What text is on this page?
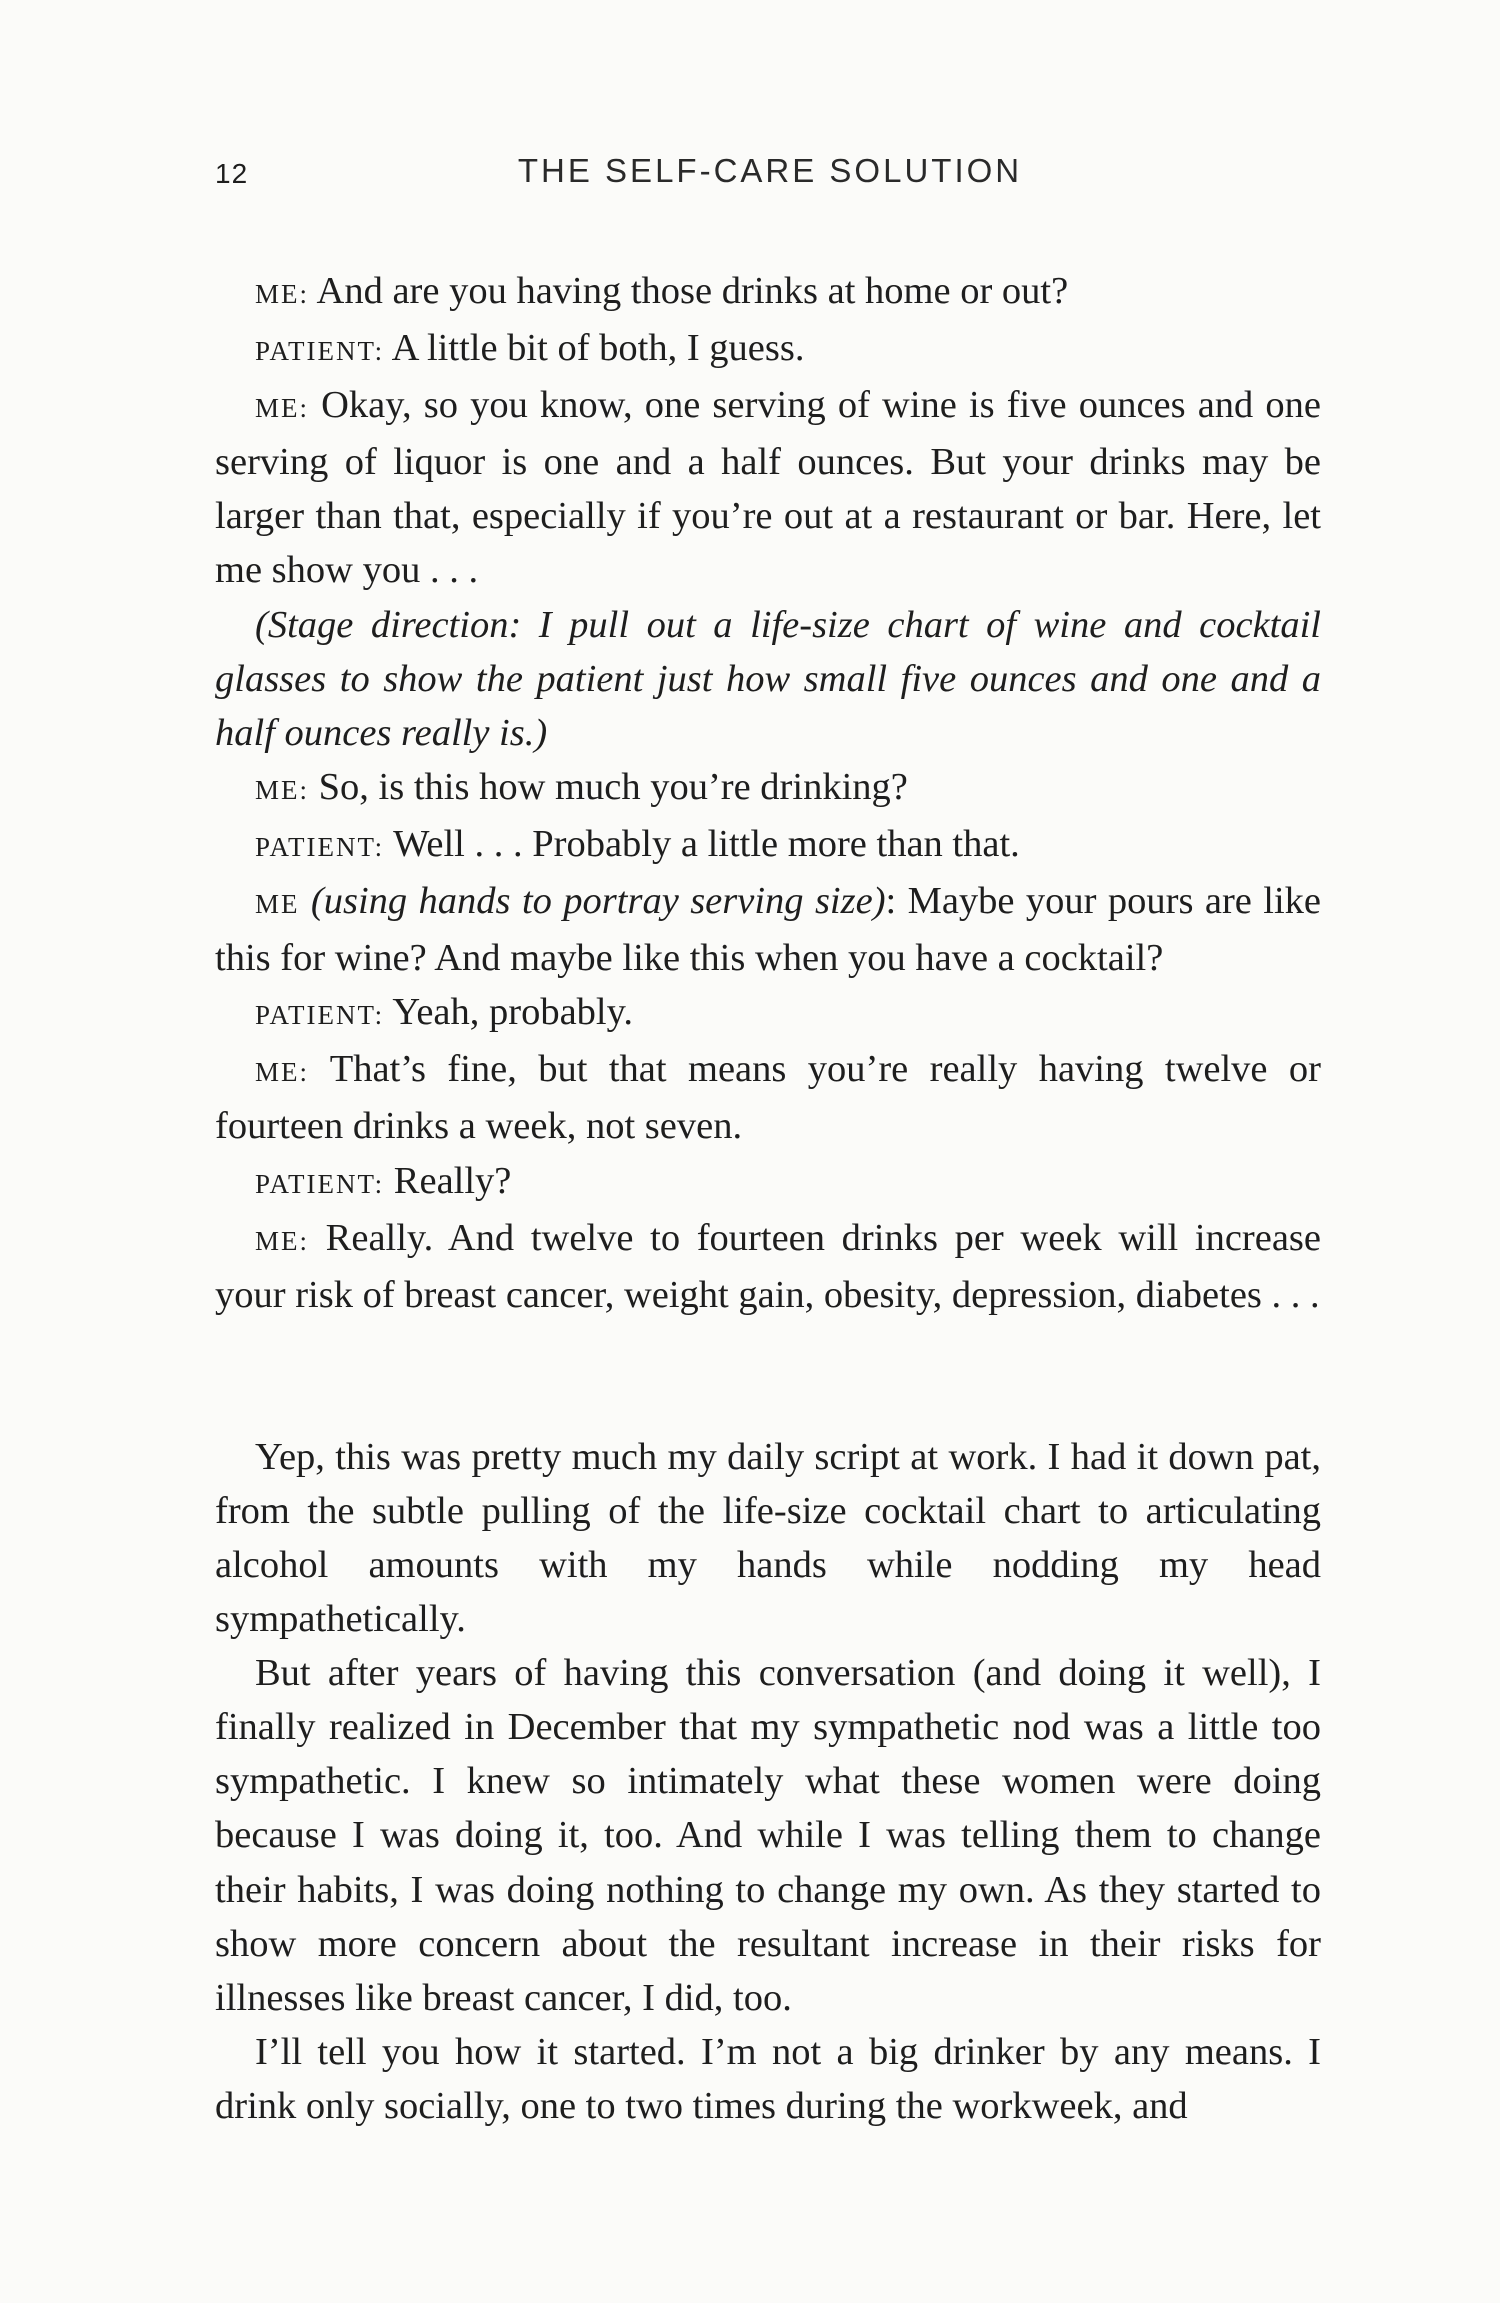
12	THE SELF-CARE SOLUTION

ME: And are you having those drinks at home or out?

PATIENT: A little bit of both, I guess.

ME: Okay, so you know, one serving of wine is five ounces and one serving of liquor is one and a half ounces. But your drinks may be larger than that, especially if you’re out at a restaurant or bar. Here, let me show you . . .

(Stage direction: I pull out a life-size chart of wine and cocktail glasses to show the patient just how small five ounces and one and a half ounces really is.)

ME: So, is this how much you’re drinking?

PATIENT: Well . . . Probably a little more than that.

ME (using hands to portray serving size): Maybe your pours are like this for wine? And maybe like this when you have a cocktail?

PATIENT: Yeah, probably.

ME: That’s fine, but that means you’re really having twelve or fourteen drinks a week, not seven.

PATIENT: Really?

ME: Really. And twelve to fourteen drinks per week will increase your risk of breast cancer, weight gain, obesity, depression, diabetes . . .

Yep, this was pretty much my daily script at work. I had it down pat, from the subtle pulling of the life-size cocktail chart to articulating alcohol amounts with my hands while nodding my head sympathetically.

But after years of having this conversation (and doing it well), I finally realized in December that my sympathetic nod was a little too sympathetic. I knew so intimately what these women were doing because I was doing it, too. And while I was telling them to change their habits, I was doing nothing to change my own. As they started to show more concern about the resultant increase in their risks for illnesses like breast cancer, I did, too.

I’ll tell you how it started. I’m not a big drinker by any means. I drink only socially, one to two times during the workweek, and
